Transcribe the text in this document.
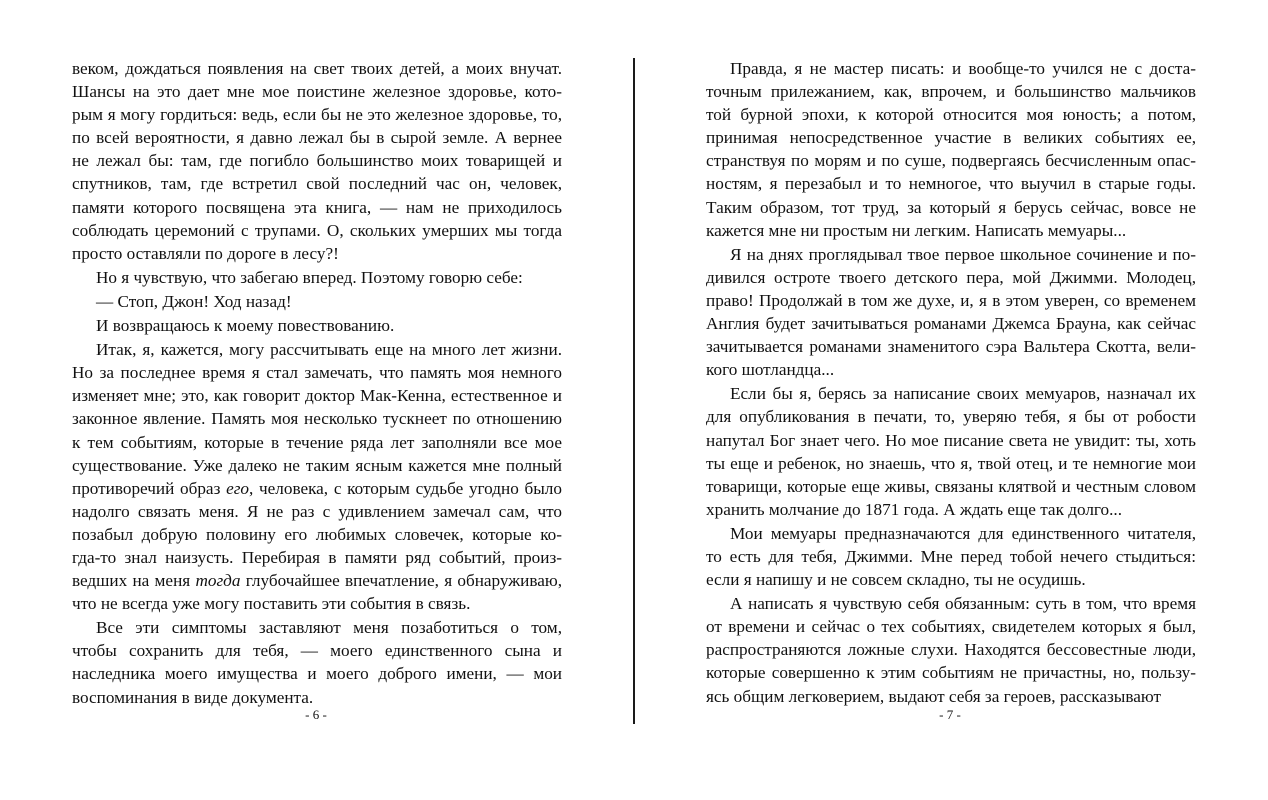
веком, дождаться появления на свет твоих детей, а моих внучат.
Шансы на это дает мне мое поистине железное здоровье, кото-
рым я могу гордиться: ведь, если бы не это железное здоровье, то,
по всей вероятности, я давно лежал бы в сырой земле. А вернее
не лежал бы: там, где погибло большинство моих товарищей и
спутников, там, где встретил свой последний час он, человек,
памяти которого посвящена эта книга, — нам не приходилось
соблюдать церемоний с трупами. О, скольких умерших мы тогда
просто оставляли по дороге в лесу?!
Но я чувствую, что забегаю вперед. Поэтому говорю себе:
— Стоп, Джон! Ход назад!
И возвращаюсь к моему повествованию.
Итак, я, кажется, могу рассчитывать еще на много лет жизни.
Но за последнее время я стал замечать, что память моя немного
изменяет мне; это, как говорит доктор Мак-Кенна, естественное и
законное явление. Память моя несколько тускнеет по отношению
к тем событиям, которые в течение ряда лет заполняли все мое
существование. Уже далеко не таким ясным кажется мне полный
противоречий образ его, человека, с которым судьбе угодно было
надолго связать меня. Я не раз с удивлением замечал сам, что
позабыл добрую половину его любимых словечек, которые ко-
гда-то знал наизусть. Перебирая в памяти ряд событий, произ-
ведших на меня тогда глубочайшее впечатление, я обнаруживаю,
что не всегда уже могу поставить эти события в связь.
Все эти симптомы заставляют меня позаботиться о том,
чтобы сохранить для тебя, — моего единственного сына и
наследника моего имущества и моего доброго имени, — мои
воспоминания в виде документа.
Правда, я не мастер писать: и вообще-то учился не с доста-
точным прилежанием, как, впрочем, и большинство мальчиков
той бурной эпохи, к которой относится моя юность; а потом,
принимая непосредственное участие в великих событиях ее,
странствуя по морям и по суше, подвергаясь бесчисленным опас-
ностям, я перезабыл и то немногое, что выучил в старые годы.
Таким образом, тот труд, за который я берусь сейчас, вовсе не
кажется мне ни простым ни легким. Написать мемуары...
Я на днях проглядывал твое первое школьное сочинение и по-
дивился остроте твоего детского пера, мой Джимми. Молодец,
право! Продолжай в том же духе, и, я в этом уверен, со временем
Англия будет зачитываться романами Джемса Брауна, как сейчас
зачитывается романами знаменитого сэра Вальтера Скотта, вели-
кого шотландца...
Если бы я, берясь за написание своих мемуаров, назначал их
для опубликования в печати, то, уверяю тебя, я бы от робости
напутал Бог знает чего. Но мое писание света не увидит: ты, хоть
ты еще и ребенок, но знаешь, что я, твой отец, и те немногие мои
товарищи, которые еще живы, связаны клятвой и честным словом
хранить молчание до 1871 года. А ждать еще так долго...
Мои мемуары предназначаются для единственного читателя,
то есть для тебя, Джимми. Мне перед тобой нечего стыдиться:
если я напишу и не совсем складно, ты не осудишь.
А написать я чувствую себя обязанным: суть в том, что время
от времени и сейчас о тех событиях, свидетелем которых я был,
распространяются ложные слухи. Находятся бессовестные люди,
которые совершенно к этим событиям не причастны, но, пользу-
ясь общим легковерием, выдают себя за героев, рассказывают
- 6 -	- 7 -
